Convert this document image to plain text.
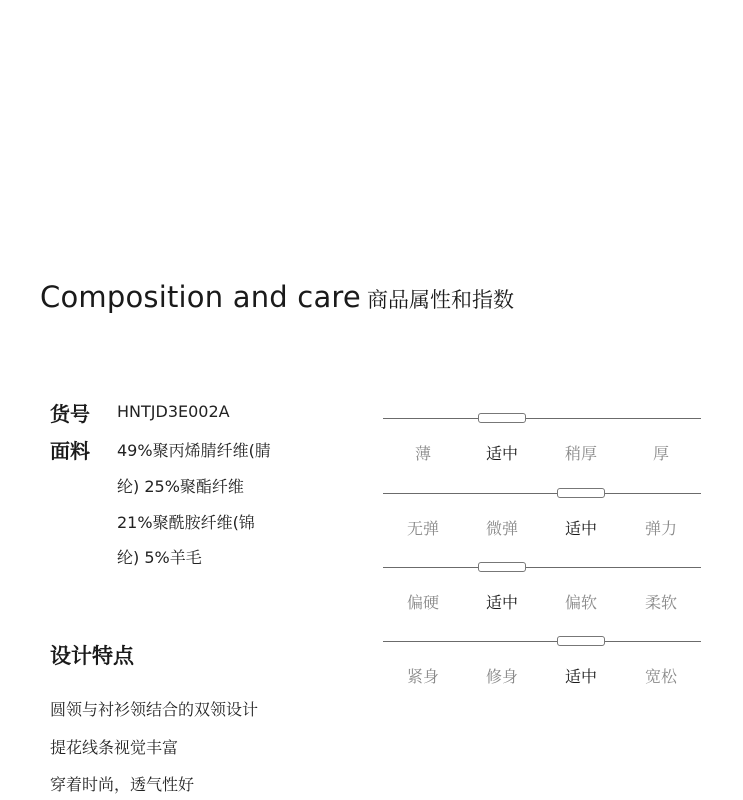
Composition and care 商品属性和指数
货号 HNTJD3E002A
面料 49%聚丙烯腈纤维(腈
纶) 25%聚酯纤维
21%聚酰胺纤维(锦
纶) 5%羊毛
设计特点
圆领与衬衫领结合的双领设计
提花线条视觉丰富
穿着时尚，透气性好
薄	适中	稍厚	厚
无弹	微弹	适中	弹力
偏硬	适中	偏软	柔软
紧身	修身	适中	宽松
